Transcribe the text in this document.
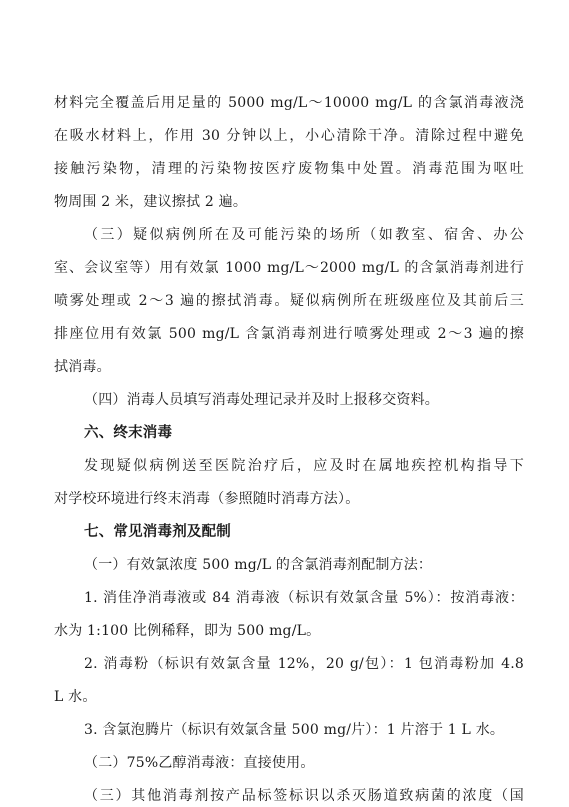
材料完全覆盖后用足量的 5000 mg/L～10000 mg/L 的含氯消毒液浇
在吸水材料上，作用 30 分钟以上，小心清除干净。清除过程中避免
接触污染物，清理的污染物按医疗废物集中处置。消毒范围为呕吐
物周围 2 米，建议擦拭 2 遍。
（三）疑似病例所在及可能污染的场所（如教室、宿舍、办公
室、会议室等）用有效氯 1000 mg/L～2000 mg/L 的含氯消毒剂进行
喷雾处理或 2～3 遍的擦拭消毒。疑似病例所在班级座位及其前后三
排座位用有效氯 500 mg/L 含氯消毒剂进行喷雾处理或 2～3 遍的擦
拭消毒。
（四）消毒人员填写消毒处理记录并及时上报移交资料。
六、终末消毒
发现疑似病例送至医院治疗后，应及时在属地疾控机构指导下
对学校环境进行终末消毒（参照随时消毒方法）。
七、常见消毒剂及配制
（一）有效氯浓度 500 mg/L 的含氯消毒剂配制方法：
1. 消佳净消毒液或 84 消毒液（标识有效氯含量 5%）：按消毒液：
水为 1:100 比例稀释，即为 500 mg/L。
2. 消毒粉（标识有效氯含量 12%，20 g/包）：1 包消毒粉加 4.8
L 水。
3. 含氯泡腾片（标识有效氯含量 500 mg/片）：1 片溶于 1 L 水。
（二）75%乙醇消毒液：直接使用。
（三）其他消毒剂按产品标签标识以杀灭肠道致病菌的浓度（国
